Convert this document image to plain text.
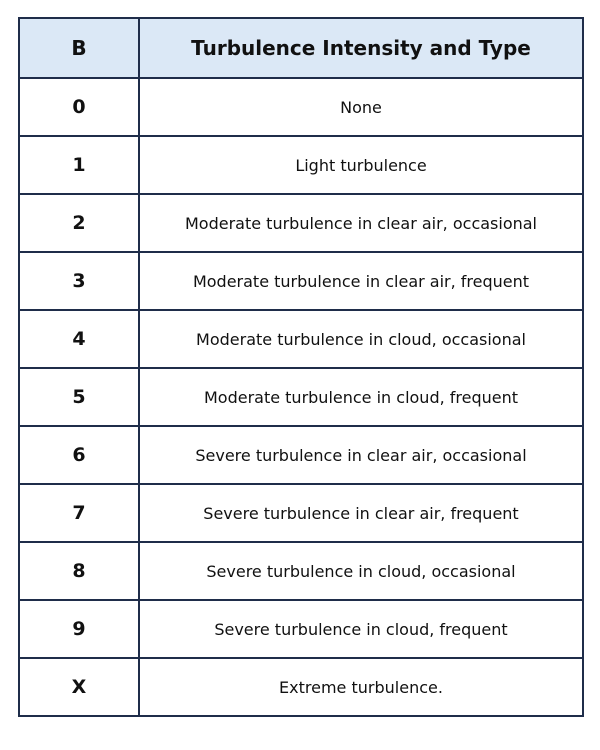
B	Turbulence Intensity and Type
0	None
1	Light turbulence
2	Moderate turbulence in clear air, occasional
3	Moderate turbulence in clear air, frequent
4	Moderate turbulence in cloud, occasional
5	Moderate turbulence in cloud, frequent
6	Severe turbulence in clear air, occasional
7	Severe turbulence in clear air, frequent
8	Severe turbulence in cloud, occasional
9	Severe turbulence in cloud, frequent
X	Extreme turbulence.
